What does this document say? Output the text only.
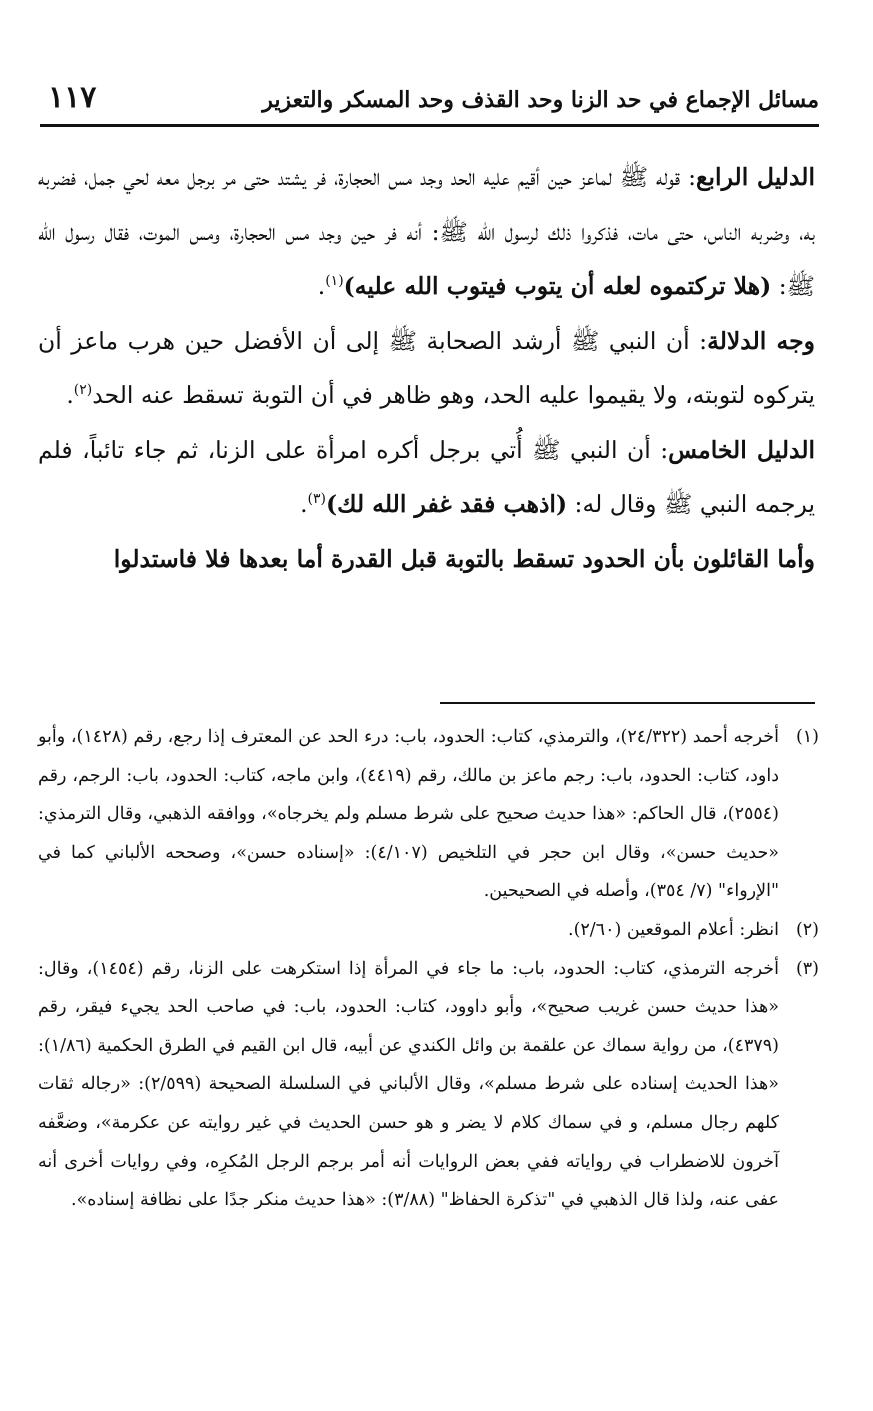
مسائل الإجماع في حد الزنا وحد القذف وحد المسكر والتعزير
١١٧

الدليل الرابع: قوله ﷺ لماعز حين أقيم عليه الحد وجد مس الحجارة، فر يشتد حتى مر برجل معه لحي جمل، فضربه به، وضربه الناس، حتى مات، فذكروا ذلك لرسول الله ﷺ: أنه فر حين وجد مس الحجارة، ومس الموت، فقال رسول الله ﷺ: (هلا تركتموه لعله أن يتوب فيتوب الله عليه)$^{(١)}$.

وجه الدلالة: أن النبي ﷺ أرشد الصحابة ﷺ إلى أن الأفضل حين هرب ماعز أن يتركوه لتوبته، ولا يقيموا عليه الحد، وهو ظاهر في أن التوبة تسقط عنه الحد$^{(٢)}$.

الدليل الخامس: أن النبي ﷺ أُتي برجل أكره امرأة على الزنا، ثم جاء تائباً، فلم يرجمه النبي ﷺ وقال له: (اذهب فقد غفر الله لك)$^{(٣)}$.

وأما القائلون بأن الحدود تسقط بالتوبة قبل القدرة أما بعدها فلا فاستدلوا

(١)
أخرجه أحمد (٢٤/٣٢٢)، والترمذي، كتاب: الحدود، باب: درء الحد عن المعترف إذا رجع، رقم (١٤٢٨)، وأبو داود، كتاب: الحدود، باب: رجم ماعز بن مالك، رقم (٤٤١٩)، وابن ماجه، كتاب: الحدود، باب: الرجم، رقم (٢٥٥٤)، قال الحاكم: «هذا حديث صحيح على شرط مسلم ولم يخرجاه»، ووافقه الذهبي، وقال الترمذي: «حديث حسن»، وقال ابن حجر في التلخيص (٤/١٠٧): «إسناده حسن»، وصححه الألباني كما في "الإرواء" (٧/ ٣٥٤)، وأصله في الصحيحين.
(٢)
انظر: أعلام الموقعين (٢/٦٠).
(٣)
أخرجه الترمذي، كتاب: الحدود، باب: ما جاء في المرأة إذا استكرهت على الزنا، رقم (١٤٥٤)، وقال: «هذا حديث حسن غريب صحيح»، وأبو داوود، كتاب: الحدود، باب: في صاحب الحد يجيء فيقر، رقم (٤٣٧٩)، من رواية سماك عن علقمة بن وائل الكندي عن أبيه، قال ابن القيم في الطرق الحكمية (١/٨٦): «هذا الحديث إسناده على شرط مسلم»، وقال الألباني في السلسلة الصحيحة (٢/٥٩٩): «رجاله ثقات كلهم رجال مسلم، و في سماك كلام لا يضر و هو حسن الحديث في غير روايته عن عكرمة»، وضعَّفه آخرون للاضطراب في رواياته ففي بعض الروايات أنه أمر برجم الرجل المُكرِه، وفي روايات أخرى أنه عفى عنه، ولذا قال الذهبي في "تذكرة الحفاظ" (٣/٨٨): «هذا حديث منكر جدًا على نظافة إسناده».
